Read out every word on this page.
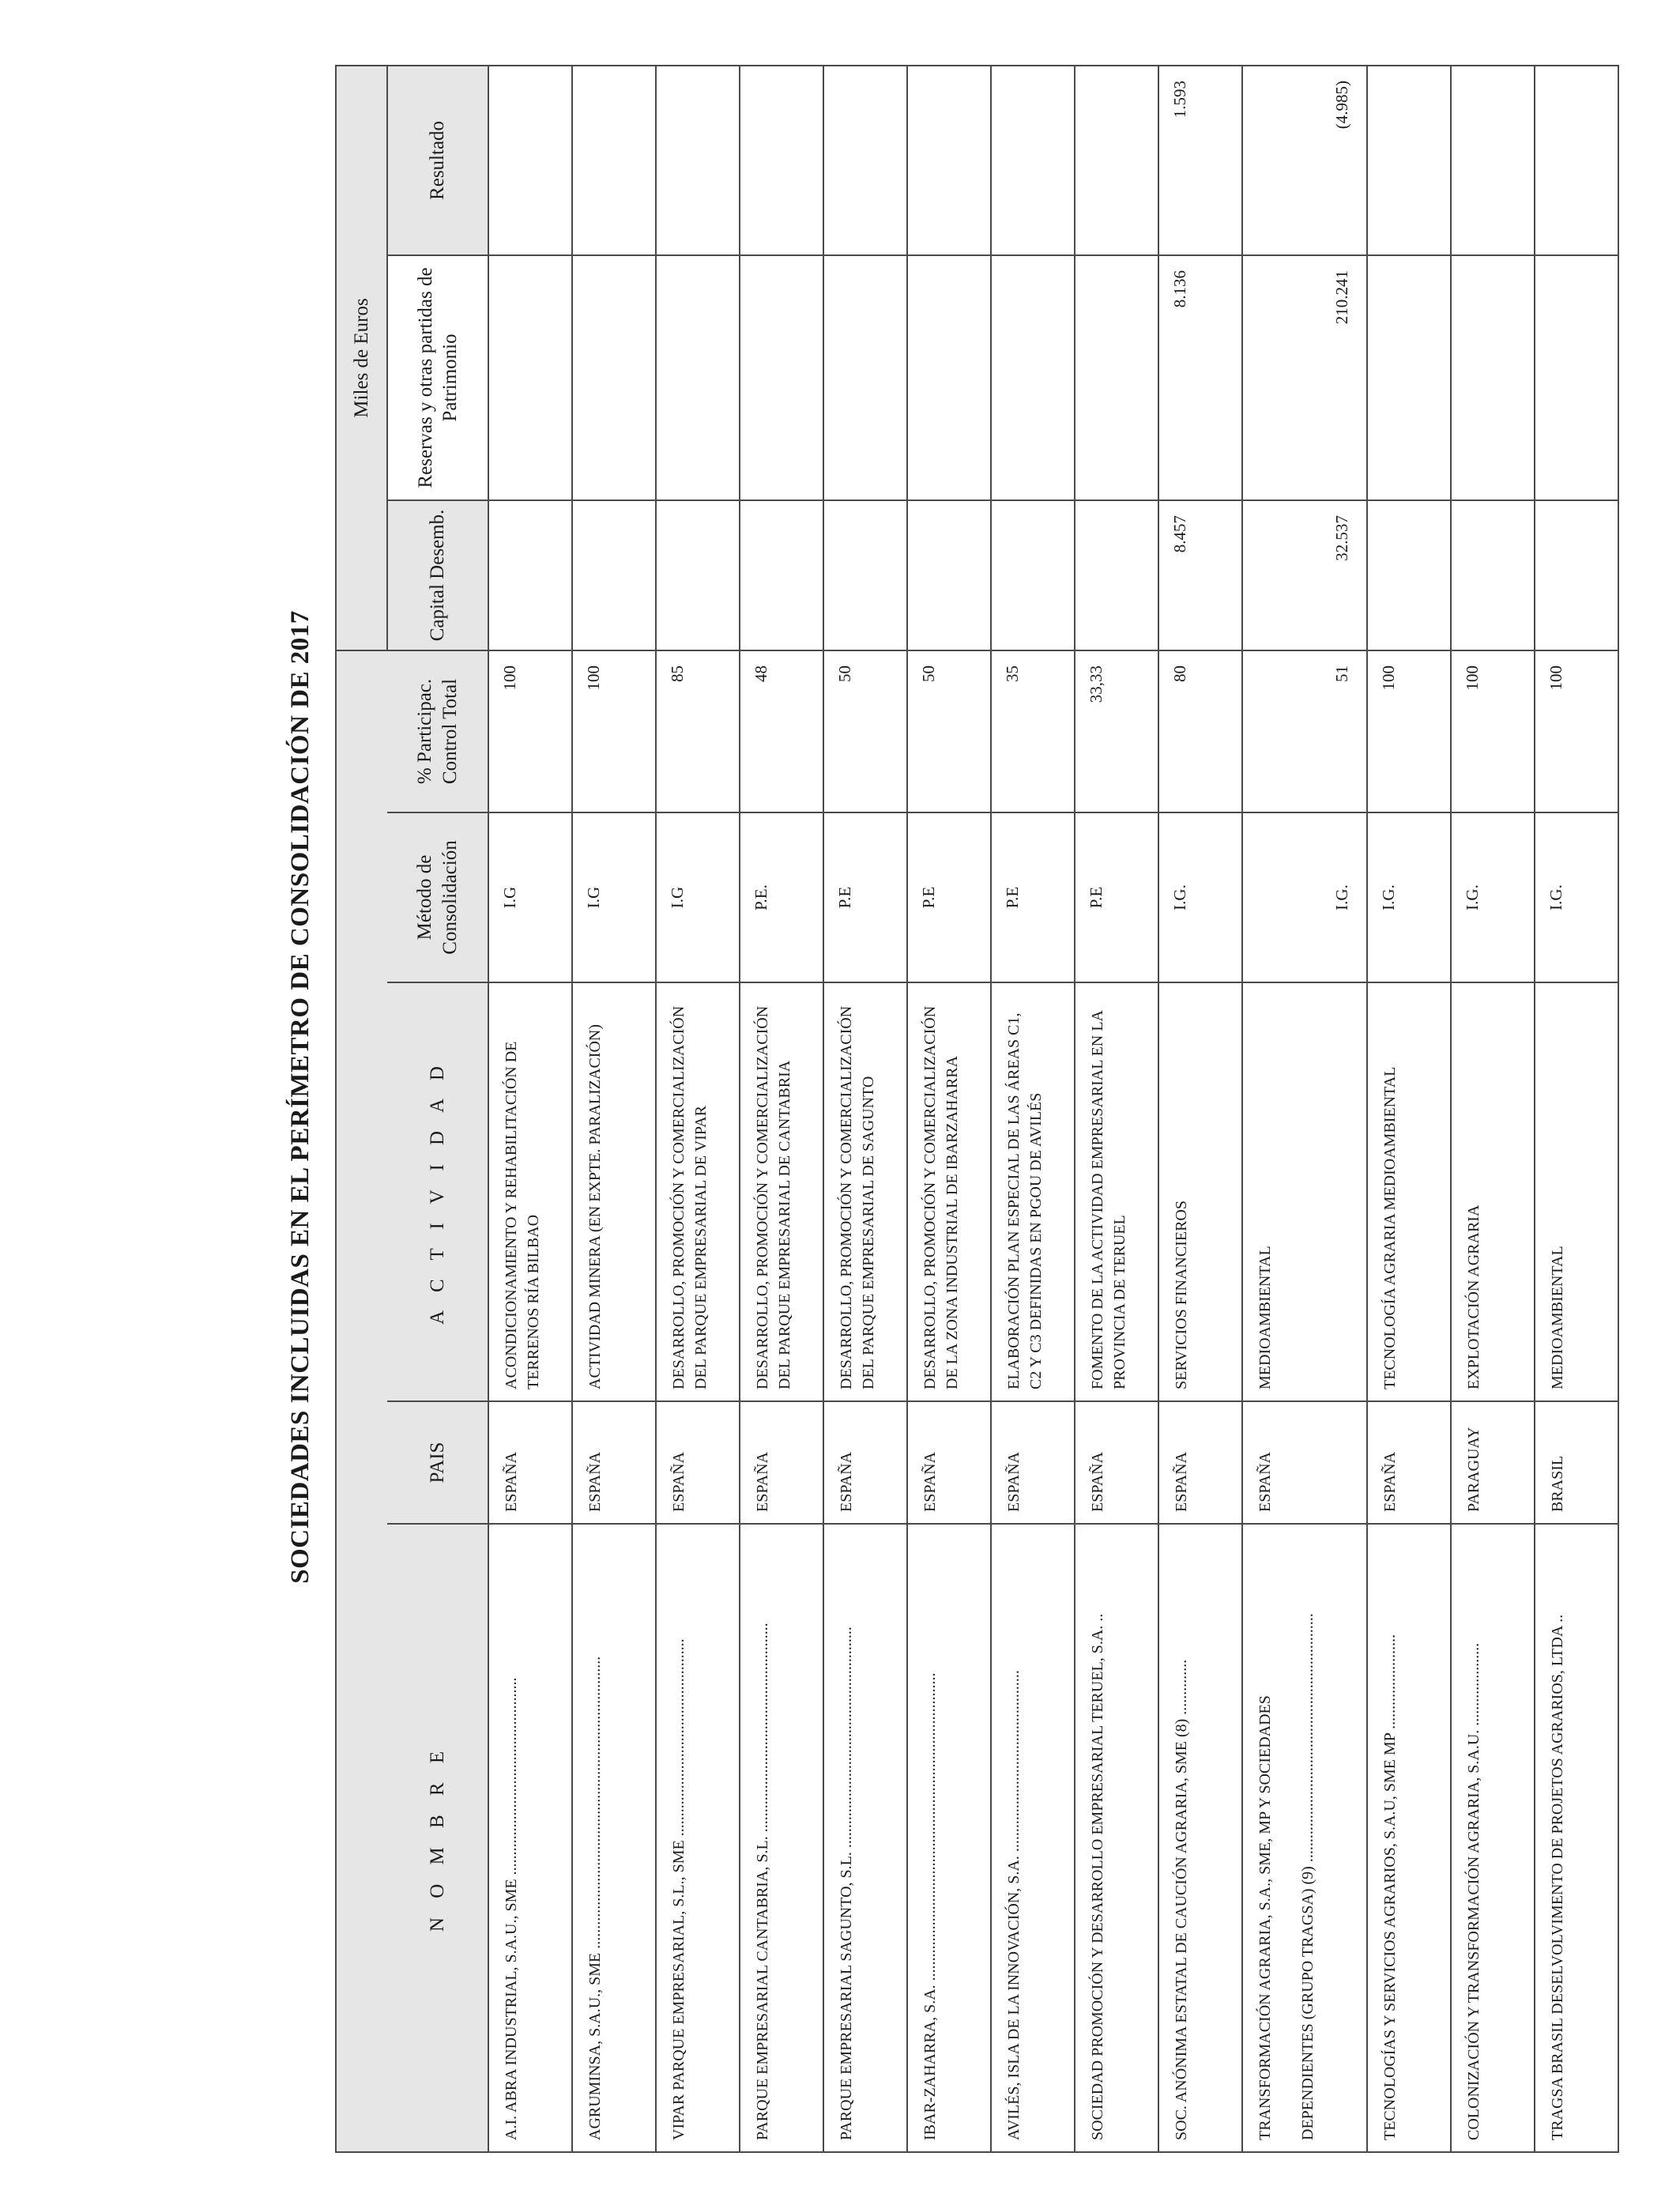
SOCIEDADES INCLUIDAS EN EL PERÍMETRO DE CONSOLIDACIÓN DE 2017
					Miles de Euros		
N O M B R E	PAIS	A C T I V I D A D	Método de Consolidación	% Participac. Control Total	Capital Desemb.	Reservas y otras partidas de Patrimonio	Resultado
A.I. ABRA INDUSTRIAL, S.A.U., SME ..................................................	ESPAÑA	ACONDICIONAMIENTO Y REHABILITACIÓN DE TERRENOS RÍA BILBAO	I.G	100			
AGRUMINSA, S.A.U., SME ..........................................................................	ESPAÑA	ACTIVIDAD MINERA (EN EXPTE. PARALIZACIÓN)	I.G	100			
VIPAR PARQUE EMPRESARIAL, S.L., SME ..................................................	ESPAÑA	DESARROLLO, PROMOCIÓN Y COMERCIALIZACIÓN DEL PARQUE EMPRESARIAL DE VIPAR	I.G	85			
PARQUE EMPRESARIAL CANTABRIA, S.L. .....................................................	ESPAÑA	DESARROLLO, PROMOCIÓN Y COMERCIALIZACIÓN DEL PARQUE EMPRESARIAL DE CANTABRIA	P.E.	48			
PARQUE EMPRESARIAL SAGUNTO, S.L. ........................................................	ESPAÑA	DESARROLLO, PROMOCIÓN Y COMERCIALIZACIÓN DEL PARQUE EMPRESARIAL DE SAGUNTO	P.E	50			
IBAR-ZAHARRA, S.A. ..............................................................................	ESPAÑA	DESARROLLO, PROMOCIÓN Y COMERCIALIZACIÓN DE LA ZONA INDUSTRIAL DE IBARZAHARRA	P.E	50			
AVILÉS, ISLA DE LA INNOVACIÓN, S.A. ..............................................	ESPAÑA	ELABORACIÓN PLAN ESPECIAL DE LAS ÁREAS C1, C2 Y C3 DEFINIDAS EN PGOU DE AVILÉS	P.E	35			
SOCIEDAD PROMOCIÓN Y DESARROLLO EMPRESARIAL TERUEL, S.A. ..	ESPAÑA	FOMENTO DE LA ACTIVIDAD EMPRESARIAL EN LA PROVINCIA DE TERUEL	P.E	33,33			
SOC. ANÓNIMA ESTATAL DE CAUCIÓN AGRARIA, SME (8) ..............	ESPAÑA	SERVICIOS FINANCIEROS	I.G.	80	8.457	8.136	1.593

TRANSFORMACIÓN AGRARIA, S.A., SME, MP Y SOCIEDADES DEPENDIENTES (GRUPO TRAGSA) (9) ...............................................................	ESPAÑA	MEDIOAMBIENTAL	I.G.	51	32.537	210.241	(4.985)
TECNOLOGÍAS Y SERVICIOS AGRARIOS, S.A.U, SME MP ........................	ESPAÑA	TECNOLOGÍA AGRARIA MEDIOAMBIENTAL	I.G.	100			
COLONIZACIÓN Y TRANSFORMACIÓN AGRARIA, S.A.U. .....................	PARAGUAY	EXPLOTACIÓN AGRARIA	I.G.	100			
TRAGSA BRASIL DESELVOLVIMENTO DE PROJETOS AGRARIOS, LTDA ..	BRASIL	MEDIOAMBIENTAL	I.G.	100			
